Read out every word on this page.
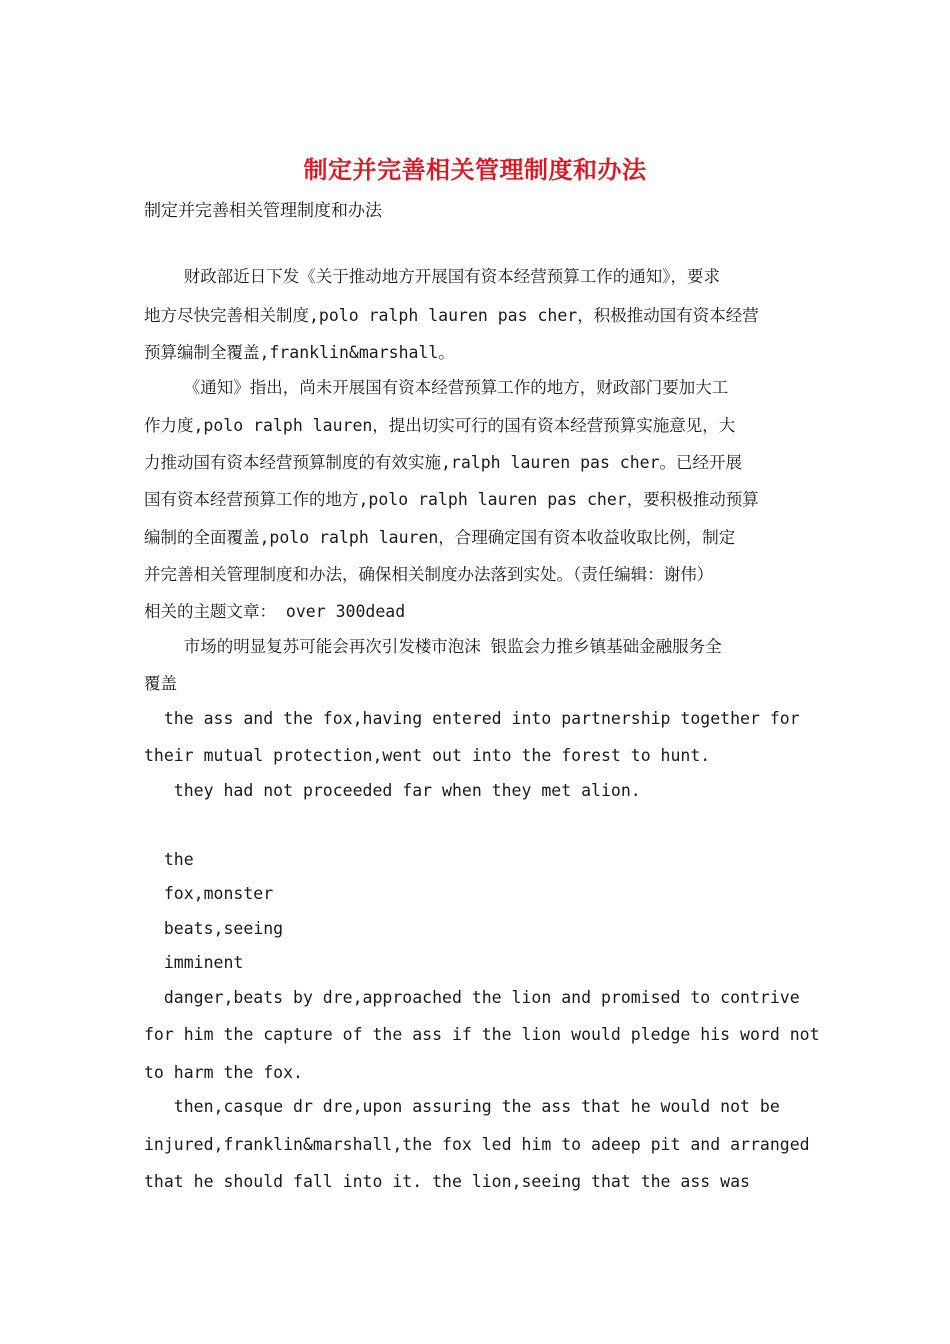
制定并完善相关管理制度和办法
制定并完善相关管理制度和办法
财政部近日下发《关于推动地方开展国有资本经营预算工作的通知》，要求
地方尽快完善相关制度,polo ralph lauren pas cher，积极推动国有资本经营
预算编制全覆盖,franklin&marshall。
《通知》指出，尚未开展国有资本经营预算工作的地方，财政部门要加大工
作力度,polo ralph lauren，提出切实可行的国有资本经营预算实施意见，大
力推动国有资本经营预算制度的有效实施,ralph lauren pas cher。已经开展
国有资本经营预算工作的地方,polo ralph lauren pas cher，要积极推动预算
编制的全面覆盖,polo ralph lauren，合理确定国有资本收益收取比例，制定
并完善相关管理制度和办法，确保相关制度办法落到实处。（责任编辑：谢伟）
相关的主题文章： over 300dead
市场的明显复苏可能会再次引发楼市泡沫 银监会力推乡镇基础金融服务全
覆盖
the ass and the fox,having entered into partnership together for
their mutual protection,went out into the forest to hunt.
they had not proceeded far when they met alion.
the
fox,monster
beats,seeing
imminent
danger,beats by dre,approached the lion and promised to contrive
for him the capture of the ass if the lion would pledge his word not
to harm the fox.
then,casque dr dre,upon assuring the ass that he would not be
injured,franklin&marshall,the fox led him to adeep pit and arranged
that he should fall into it. the lion,seeing that the ass was
